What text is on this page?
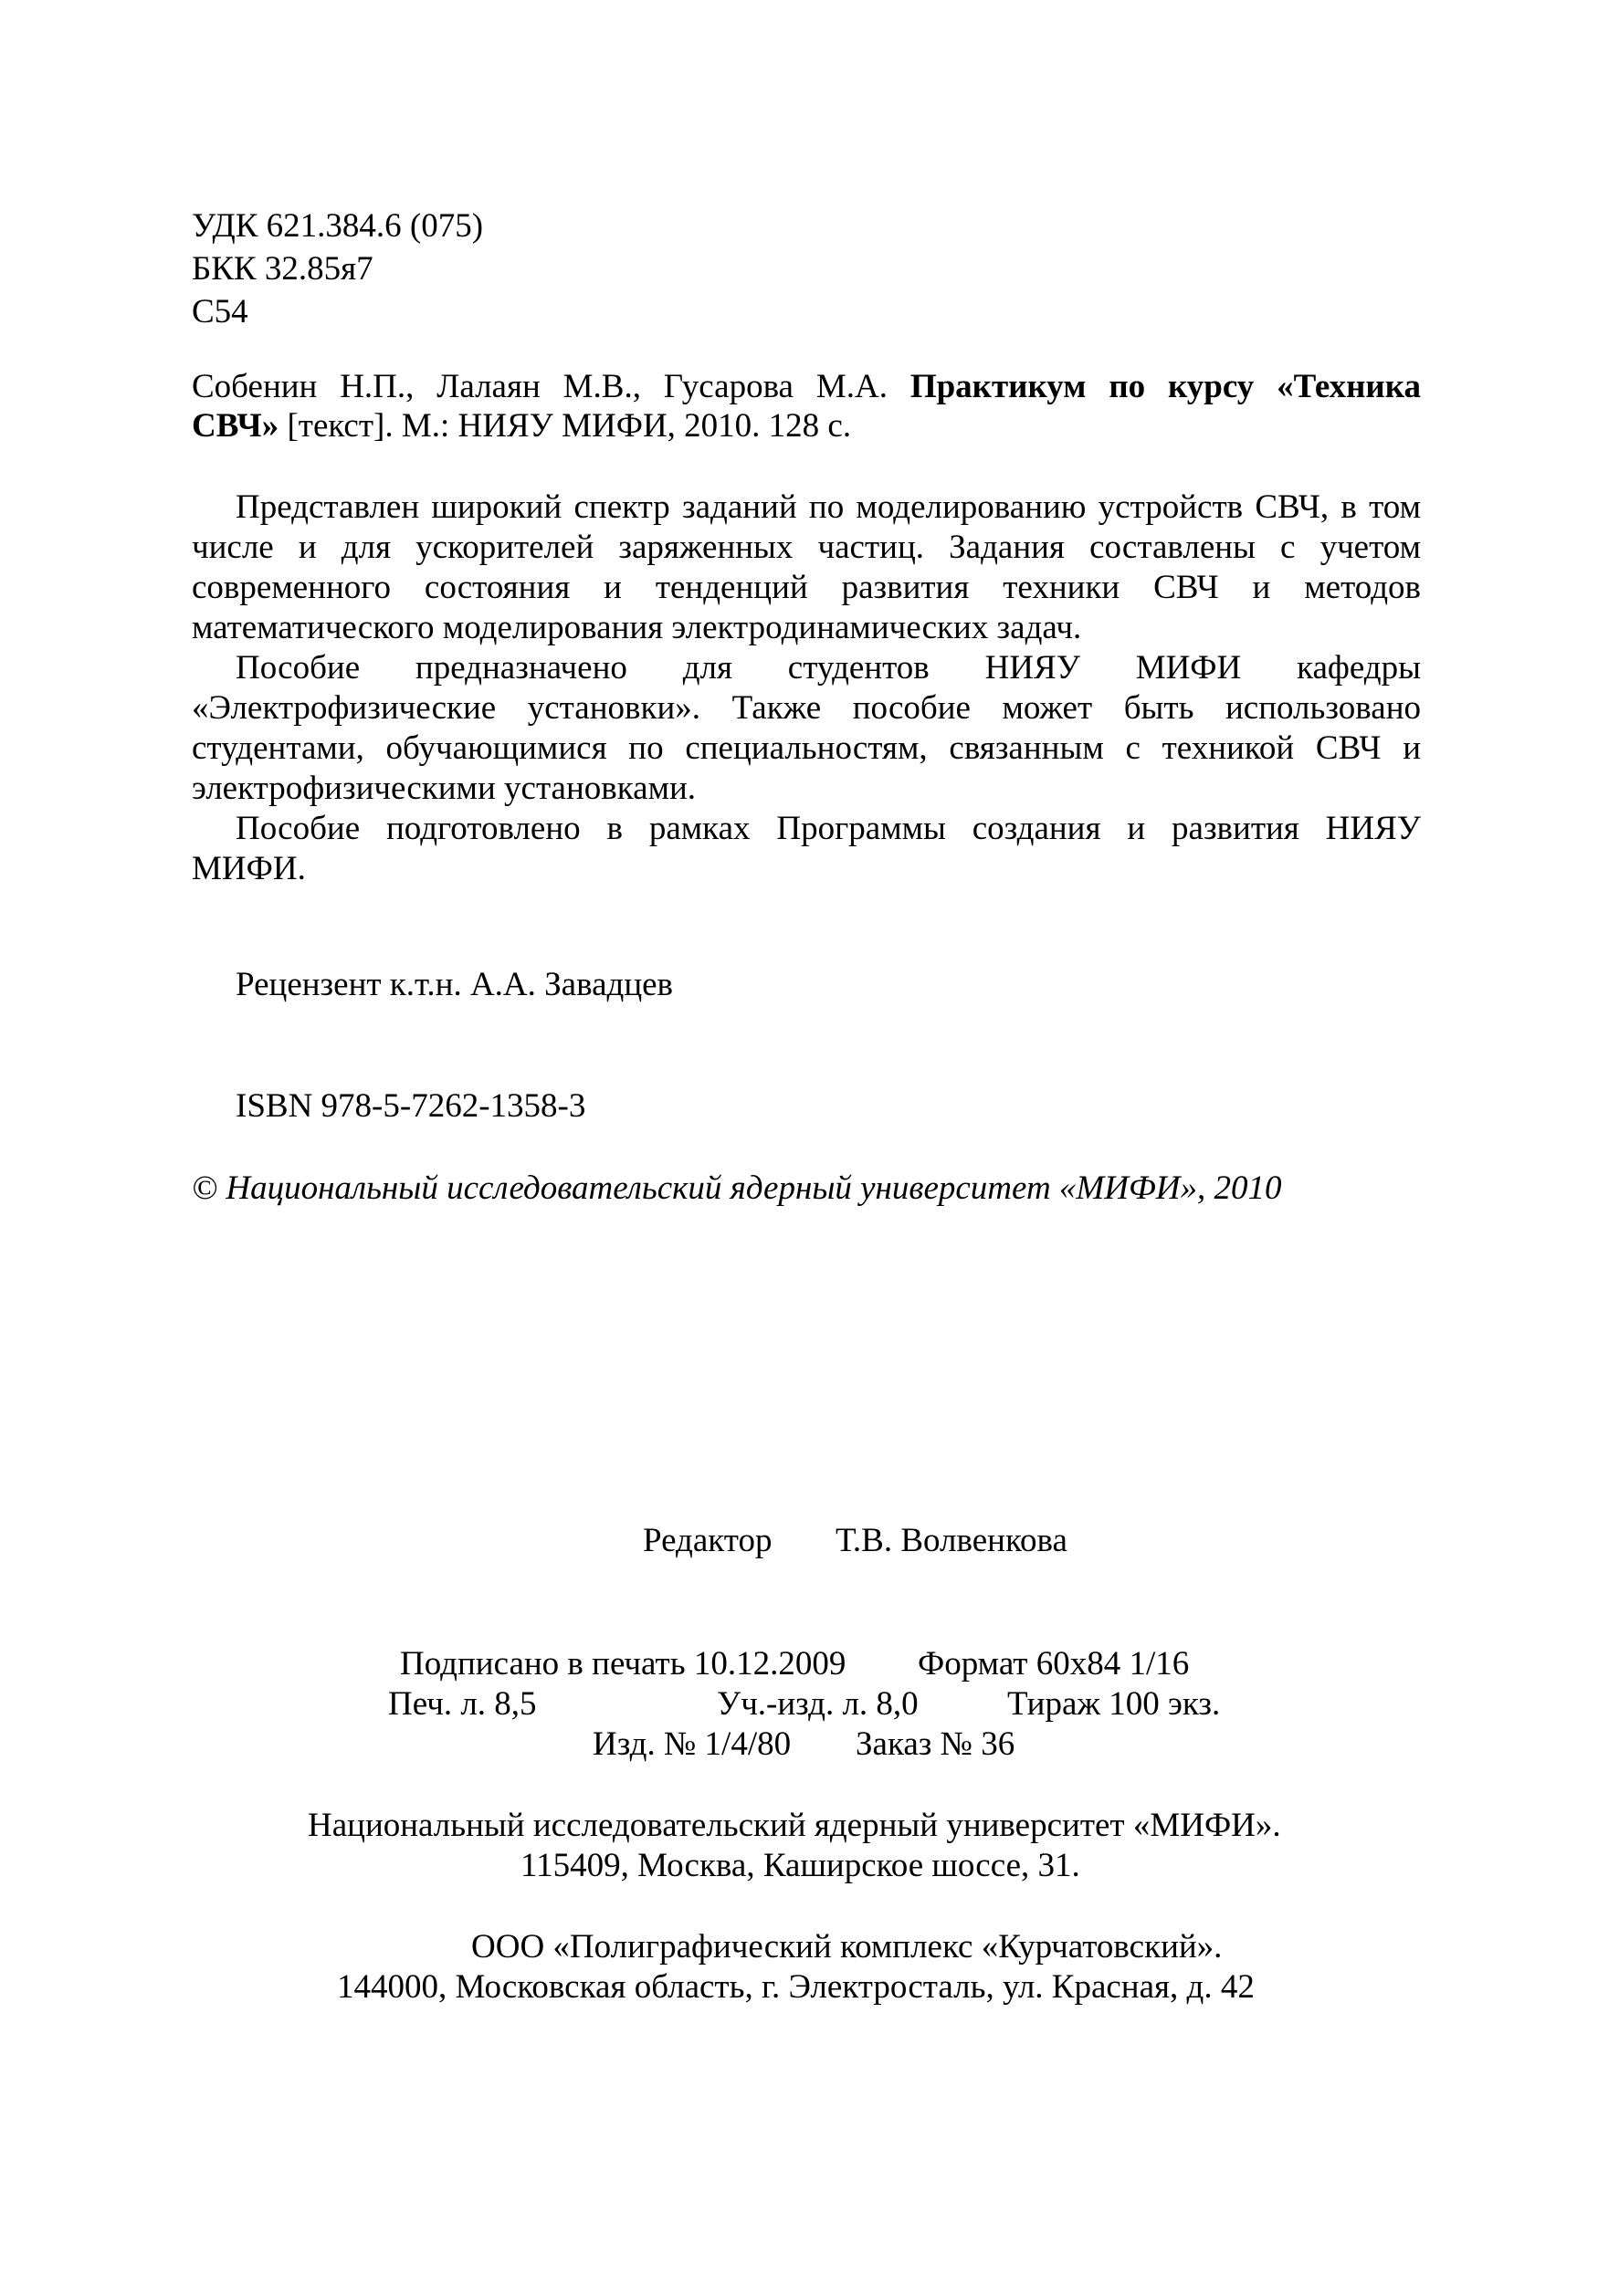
УДК 621.384.6 (075)
БКК 32.85я7
С54
Собенин Н.П., Лалаян М.В., Гусарова М.А. Практикум по курсу «Техника
СВЧ» [текст]. М.: НИЯУ МИФИ, 2010. 128 с.
Представлен широкий спектр заданий по моделированию устройств СВЧ, в том
числе и для ускорителей заряженных частиц. Задания составлены с учетом
современного состояния и тенденций развития техники СВЧ и методов
математического моделирования электродинамических задач.
Пособие предназначено для студентов НИЯУ МИФИ кафедры
«Электрофизические установки». Также пособие может быть использовано
студентами, обучающимися по специальностям, связанным с техникой СВЧ и
электрофизическими установками.
Пособие подготовлено в рамках Программы создания и развития НИЯУ
МИФИ.
Рецензент к.т.н. А.А. Завадцев
ISBN 978-5-7262-1358-3
© Национальный исследовательский ядерный университет «МИФИ», 2010
Редактор Т.В. Волвенкова
Подписано в печать 10.12.2009 Формат 60х84 1/16
Печ. л. 8,5	Уч.-изд. л. 8,0	Тираж 100 экз.
Изд. № 1/4/80 Заказ № 36
Национальный исследовательский ядерный университет «МИФИ».
115409, Москва, Каширское шоссе, 31.
ООО «Полиграфический комплекс «Курчатовский».
144000, Московская область, г. Электросталь, ул. Красная, д. 42
